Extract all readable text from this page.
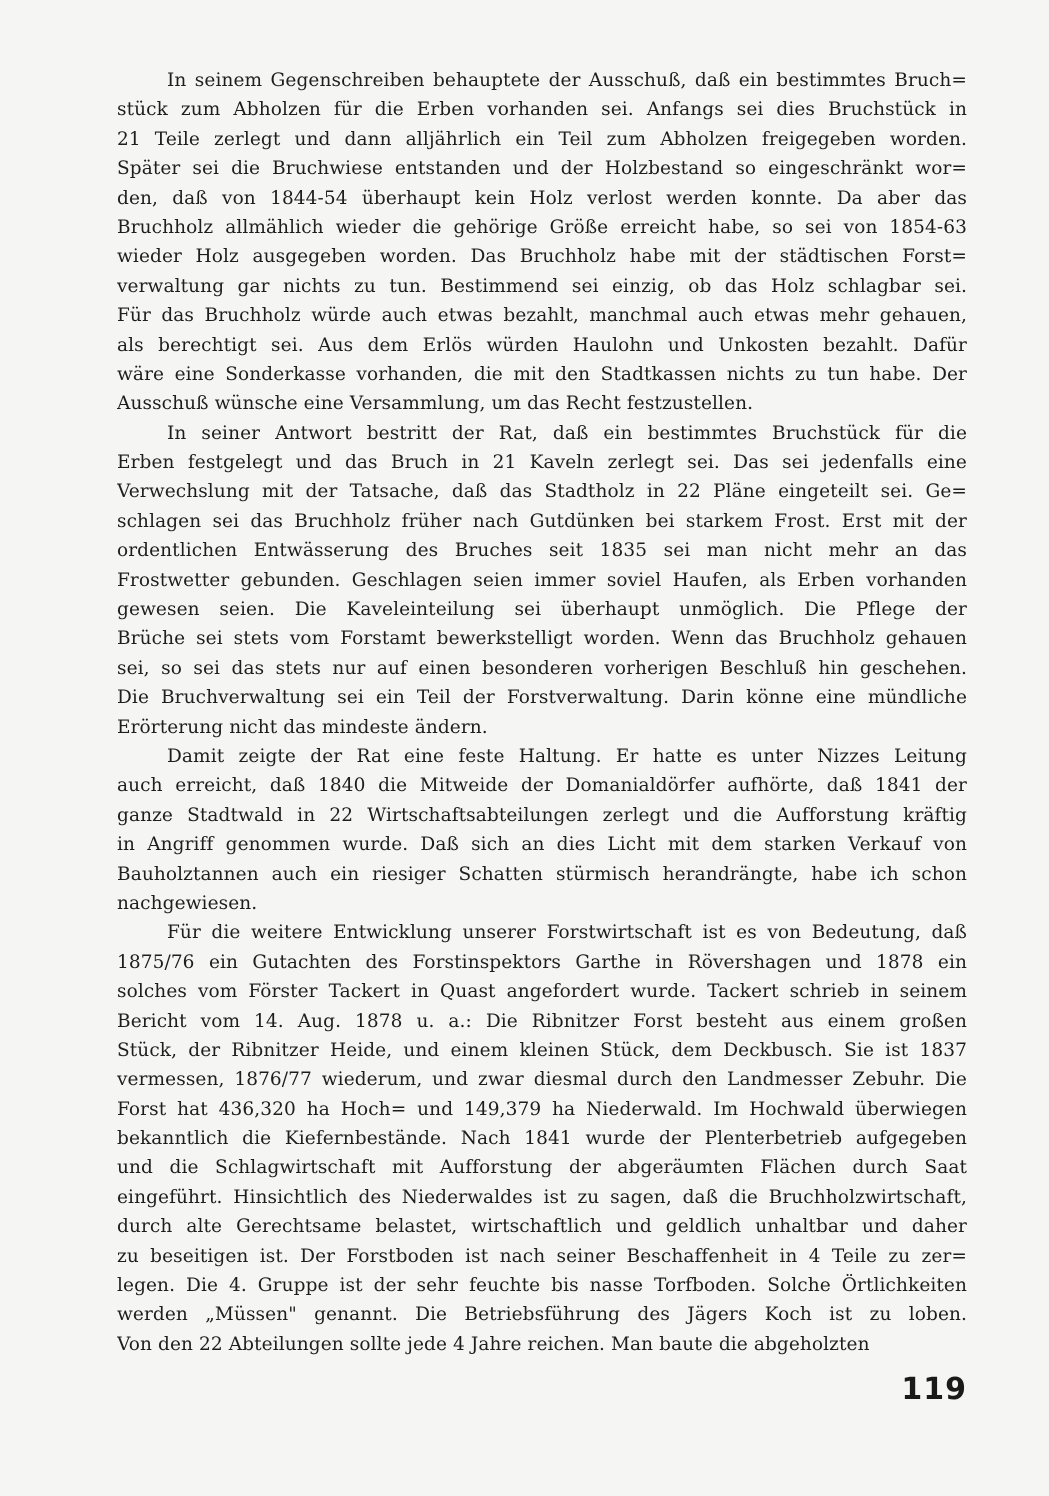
In seinem Gegenschreiben behauptete der Ausschuß, daß ein bestimmtes Bruch=
stück zum Abholzen für die Erben vorhanden sei. Anfangs sei dies Bruchstück in
21 Teile zerlegt und dann alljährlich ein Teil zum Abholzen freigegeben worden.
Später sei die Bruchwiese entstanden und der Holzbestand so eingeschränkt wor=
den, daß von 1844-54 überhaupt kein Holz verlost werden konnte. Da aber das
Bruchholz allmählich wieder die gehörige Größe erreicht habe, so sei von 1854-63
wieder Holz ausgegeben worden. Das Bruchholz habe mit der städtischen Forst=
verwaltung gar nichts zu tun. Bestimmend sei einzig, ob das Holz schlagbar sei.
Für das Bruchholz würde auch etwas bezahlt, manchmal auch etwas mehr gehauen,
als berechtigt sei. Aus dem Erlös würden Haulohn und Unkosten bezahlt. Dafür
wäre eine Sonderkasse vorhanden, die mit den Stadtkassen nichts zu tun habe. Der
Ausschuß wünsche eine Versammlung, um das Recht festzustellen.
In seiner Antwort bestritt der Rat, daß ein bestimmtes Bruchstück für die
Erben festgelegt und das Bruch in 21 Kaveln zerlegt sei. Das sei jedenfalls eine
Verwechslung mit der Tatsache, daß das Stadtholz in 22 Pläne eingeteilt sei. Ge=
schlagen sei das Bruchholz früher nach Gutdünken bei starkem Frost. Erst mit der
ordentlichen Entwässerung des Bruches seit 1835 sei man nicht mehr an das
Frostwetter gebunden. Geschlagen seien immer soviel Haufen, als Erben vorhanden
gewesen seien. Die Kaveleinteilung sei überhaupt unmöglich. Die Pflege der
Brüche sei stets vom Forstamt bewerkstelligt worden. Wenn das Bruchholz gehauen
sei, so sei das stets nur auf einen besonderen vorherigen Beschluß hin geschehen.
Die Bruchverwaltung sei ein Teil der Forstverwaltung. Darin könne eine mündliche
Erörterung nicht das mindeste ändern.
Damit zeigte der Rat eine feste Haltung. Er hatte es unter Nizzes Leitung
auch erreicht, daß 1840 die Mitweide der Domanialdörfer aufhörte, daß 1841 der
ganze Stadtwald in 22 Wirtschaftsabteilungen zerlegt und die Aufforstung kräftig
in Angriff genommen wurde. Daß sich an dies Licht mit dem starken Verkauf von
Bauholztannen auch ein riesiger Schatten stürmisch herandrängte, habe ich schon
nachgewiesen.
Für die weitere Entwicklung unserer Forstwirtschaft ist es von Bedeutung, daß
1875/76 ein Gutachten des Forstinspektors Garthe in Rövershagen und 1878 ein
solches vom Förster Tackert in Quast angefordert wurde. Tackert schrieb in seinem
Bericht vom 14. Aug. 1878 u. a.: Die Ribnitzer Forst besteht aus einem großen
Stück, der Ribnitzer Heide, und einem kleinen Stück, dem Deckbusch. Sie ist 1837
vermessen, 1876/77 wiederum, und zwar diesmal durch den Landmesser Zebuhr. Die
Forst hat 436,320 ha Hoch= und 149,379 ha Niederwald. Im Hochwald überwiegen
bekanntlich die Kiefernbestände. Nach 1841 wurde der Plenterbetrieb aufgegeben
und die Schlagwirtschaft mit Aufforstung der abgeräumten Flächen durch Saat
eingeführt. Hinsichtlich des Niederwaldes ist zu sagen, daß die Bruchholzwirtschaft,
durch alte Gerechtsame belastet, wirtschaftlich und geldlich unhaltbar und daher
zu beseitigen ist. Der Forstboden ist nach seiner Beschaffenheit in 4 Teile zu zer=
legen. Die 4. Gruppe ist der sehr feuchte bis nasse Torfboden. Solche Örtlichkeiten
werden „Müssen" genannt. Die Betriebsführung des Jägers Koch ist zu loben.
Von den 22 Abteilungen sollte jede 4 Jahre reichen. Man baute die abgeholzten
119
